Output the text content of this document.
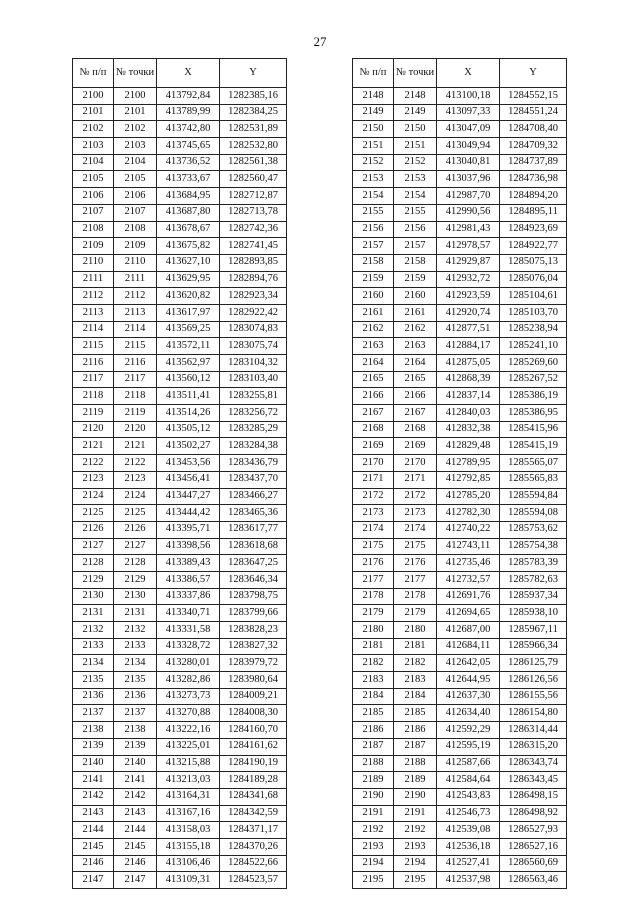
27
№ п/п	№ точки	X	Y
2100	2100	413792,84	1282385,16
2101	2101	413789,99	1282384,25
2102	2102	413742,80	1282531,89
2103	2103	413745,65	1282532,80
2104	2104	413736,52	1282561,38
2105	2105	413733,67	1282560,47
2106	2106	413684,95	1282712,87
2107	2107	413687,80	1282713,78
2108	2108	413678,67	1282742,36
2109	2109	413675,82	1282741,45
2110	2110	413627,10	1282893,85
2111	2111	413629,95	1282894,76
2112	2112	413620,82	1282923,34
2113	2113	413617,97	1282922,42
2114	2114	413569,25	1283074,83
2115	2115	413572,11	1283075,74
2116	2116	413562,97	1283104,32
2117	2117	413560,12	1283103,40
2118	2118	413511,41	1283255,81
2119	2119	413514,26	1283256,72
2120	2120	413505,12	1283285,29
2121	2121	413502,27	1283284,38
2122	2122	413453,56	1283436,79
2123	2123	413456,41	1283437,70
2124	2124	413447,27	1283466,27
2125	2125	413444,42	1283465,36
2126	2126	413395,71	1283617,77
2127	2127	413398,56	1283618,68
2128	2128	413389,43	1283647,25
2129	2129	413386,57	1283646,34
2130	2130	413337,86	1283798,75
2131	2131	413340,71	1283799,66
2132	2132	413331,58	1283828,23
2133	2133	413328,72	1283827,32
2134	2134	413280,01	1283979,72
2135	2135	413282,86	1283980,64
2136	2136	413273,73	1284009,21
2137	2137	413270,88	1284008,30
2138	2138	413222,16	1284160,70
2139	2139	413225,01	1284161,62
2140	2140	413215,88	1284190,19
2141	2141	413213,03	1284189,28
2142	2142	413164,31	1284341,68
2143	2143	413167,16	1284342,59
2144	2144	413158,03	1284371,17
2145	2145	413155,18	1284370,26
2146	2146	413106,46	1284522,66
2147	2147	413109,31	1284523,57
№ п/п	№ точки	X	Y
2148	2148	413100,18	1284552,15
2149	2149	413097,33	1284551,24
2150	2150	413047,09	1284708,40
2151	2151	413049,94	1284709,32
2152	2152	413040,81	1284737,89
2153	2153	413037,96	1284736,98
2154	2154	412987,70	1284894,20
2155	2155	412990,56	1284895,11
2156	2156	412981,43	1284923,69
2157	2157	412978,57	1284922,77
2158	2158	412929,87	1285075,13
2159	2159	412932,72	1285076,04
2160	2160	412923,59	1285104,61
2161	2161	412920,74	1285103,70
2162	2162	412877,51	1285238,94
2163	2163	412884,17	1285241,10
2164	2164	412875,05	1285269,60
2165	2165	412868,39	1285267,52
2166	2166	412837,14	1285386,19
2167	2167	412840,03	1285386,95
2168	2168	412832,38	1285415,96
2169	2169	412829,48	1285415,19
2170	2170	412789,95	1285565,07
2171	2171	412792,85	1285565,83
2172	2172	412785,20	1285594,84
2173	2173	412782,30	1285594,08
2174	2174	412740,22	1285753,62
2175	2175	412743,11	1285754,38
2176	2176	412735,46	1285783,39
2177	2177	412732,57	1285782,63
2178	2178	412691,76	1285937,34
2179	2179	412694,65	1285938,10
2180	2180	412687,00	1285967,11
2181	2181	412684,11	1285966,34
2182	2182	412642,05	1286125,79
2183	2183	412644,95	1286126,56
2184	2184	412637,30	1286155,56
2185	2185	412634,40	1286154,80
2186	2186	412592,29	1286314,44
2187	2187	412595,19	1286315,20
2188	2188	412587,66	1286343,74
2189	2189	412584,64	1286343,45
2190	2190	412543,83	1286498,15
2191	2191	412546,73	1286498,92
2192	2192	412539,08	1286527,93
2193	2193	412536,18	1286527,16
2194	2194	412527,41	1286560,69
2195	2195	412537,98	1286563,46
